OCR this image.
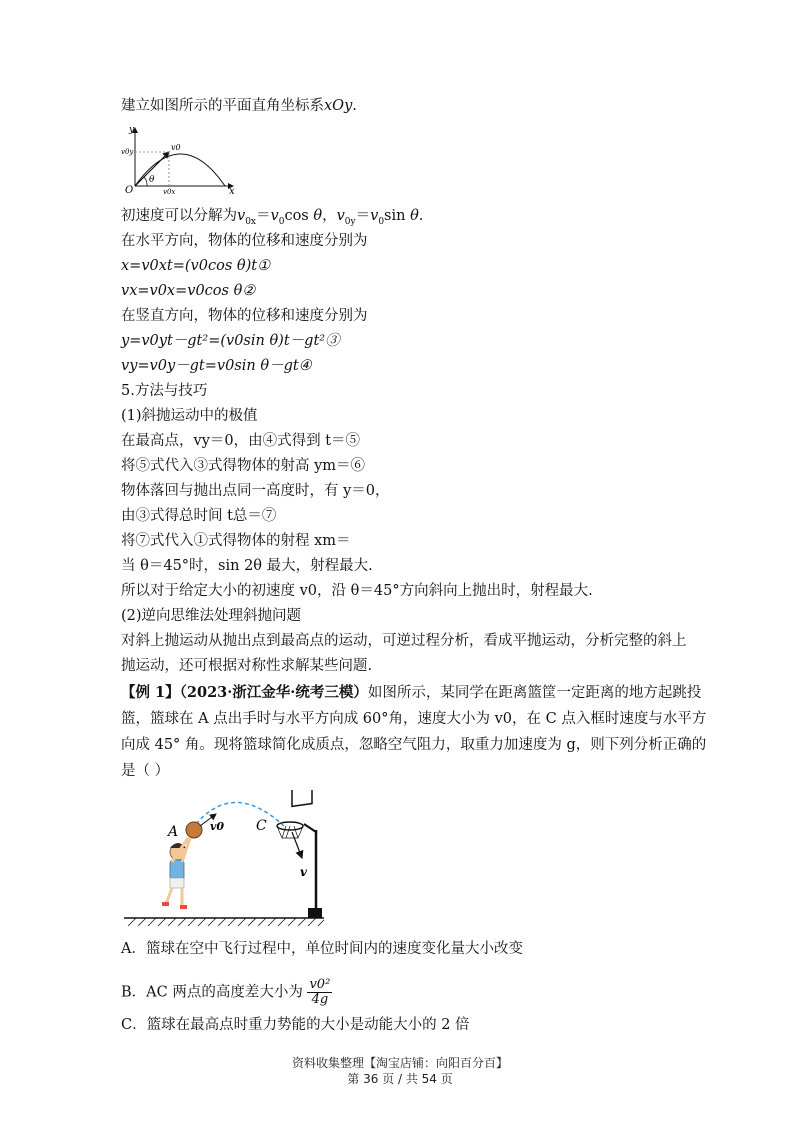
建立如图所示的平面直角坐标系xOy.
y
x
O
θ
v0
v0y
v0x
初速度可以分解为$v_{0x}=v_0\cos$ θ，$v_{0y}=v_0\sin$ θ.
在水平方向，物体的位移和速度分别为
x=v0xt=(v0cos θ)t①
vx=v0x=v0cos θ②
在竖直方向，物体的位移和速度分别为
y=v0yt－gt²=(v0sin θ)t－gt²③
vy=v0y－gt=v0sin θ－gt④
5.方法与技巧
(1)斜抛运动中的极值
在最高点，vy＝0，由④式得到 t＝⑤
将⑤式代入③式得物体的射高 ym＝⑥
物体落回与抛出点同一高度时，有 y＝0，
由③式得总时间 t总＝⑦
将⑦式代入①式得物体的射程 xm＝
当 θ＝45°时，sin 2θ 最大，射程最大.
所以对于给定大小的初速度 v0，沿 θ＝45°方向斜向上抛出时，射程最大.
(2)逆向思维法处理斜抛问题
对斜上抛运动从抛出点到最高点的运动，可逆过程分析，看成平抛运动，分析完整的斜上
抛运动，还可根据对称性求解某些问题.
【例 1】（2023·浙江金华·统考三模）如图所示，某同学在距离篮筐一定距离的地方起跳投
篮，篮球在 A 点出手时与水平方向成 60°角，速度大小为 v0，在 C 点入框时速度与水平方
向成 45° 角。现将篮球简化成质点，忽略空气阻力，取重力加速度为 g，则下列分析正确的
是（ ）
A	C
v0
v
A．篮球在空中飞行过程中，单位时间内的速度变化量大小改变
B．AC 两点的高度差大小为 $\frac{\text{v0²}}{4g}$
C．篮球在最高点时重力势能的大小是动能大小的 2 倍
资料收集整理【淘宝店铺：向阳百分百】
第 36 页 / 共 54 页
